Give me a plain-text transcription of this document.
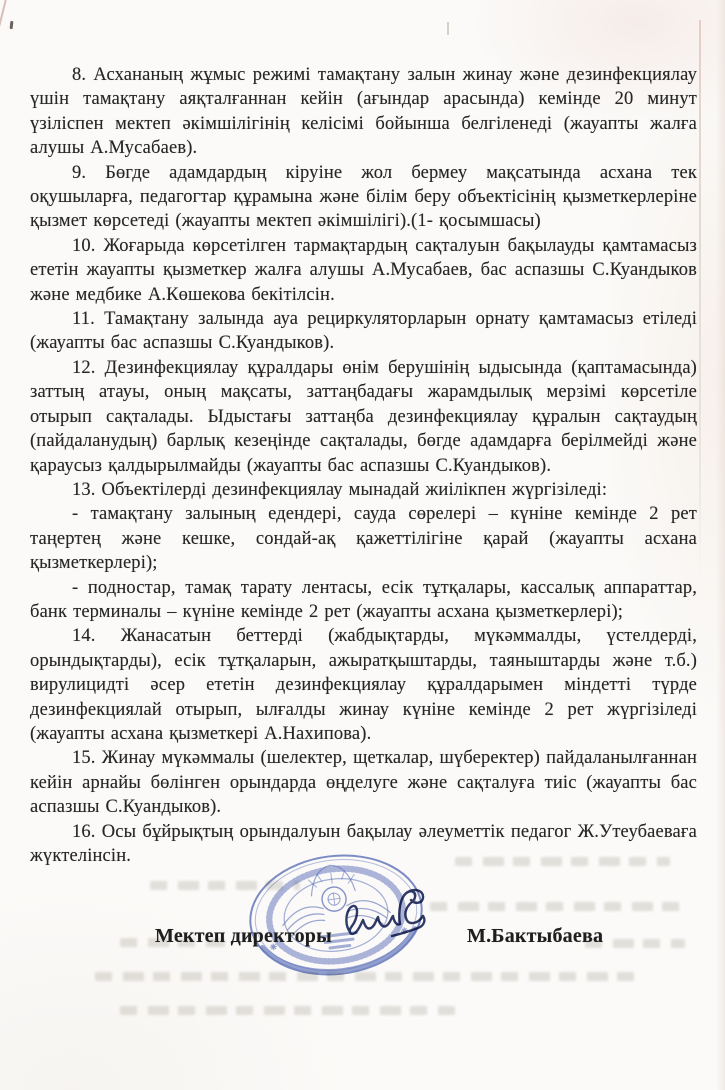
8. Асхананың жұмыс режимі тамақтану залын жинау және дезинфекциялау үшін тамақтану аяқталғаннан кейін (ағындар арасында) кемінде 20 минут үзіліспен мектеп әкімшілігінің келісімі бойынша белгіленеді (жауапты жалға алушы А.Мусабаев).

9. Бөгде адамдардың кіруіне жол бермеу мақсатында асхана тек оқушыларға, педагогтар құрамына және білім беру объектісінің қызметкерлеріне қызмет көрсетеді (жауапты мектеп әкімшілігі).(1- қосымшасы)

10. Жоғарыда көрсетілген тармақтардың сақталуын бақылауды қамтамасыз ететін жауапты қызметкер жалға алушы А.Мусабаев, бас аспазшы С.Куандыков және медбике А.Көшекова бекітілсін.

11. Тамақтану залында ауа рециркуляторларын орнату қамтамасыз етіледі (жауапты бас аспазшы С.Куандыков).

12. Дезинфекциялау құралдары өнім берушінің ыдысында (қаптамасында) заттың атауы, оның мақсаты, заттаңбадағы жарамдылық мерзімі көрсетіле отырып сақталады. Ыдыстағы заттаңба дезинфекциялау құралын сақтаудың (пайдаланудың) барлық кезеңінде сақталады, бөгде адамдарға берілмейді және қараусыз қалдырылмайды (жауапты бас аспазшы С.Куандыков).

13. Объектілерді дезинфекциялау мынадай жиілікпен жүргізіледі:

- тамақтану залының едендері, сауда сөрелері – күніне кемінде 2 рет таңертең және кешке, сондай-ақ қажеттілігіне қарай (жауапты асхана қызметкерлері);

- подностар, тамақ тарату лентасы, есік тұтқалары, кассалық аппараттар, банк терминалы – күніне кемінде 2 рет (жауапты асхана қызметкерлері);

14. Жанасатын беттерді (жабдықтарды, мүкәммалды, үстелдерді, орындықтарды), есік тұтқаларын, ажыратқыштарды, таяныштарды және т.б.) вирулицидті әсер ететін дезинфекциялау құралдарымен міндетті түрде дезинфекциялай отырып, ылғалды жинау күніне кемінде 2 рет жүргізіледі (жауапты асхана қызметкері А.Нахипова).

15. Жинау мүкәммалы (шелектер, щеткалар, шүберектер) пайдаланылғаннан кейін арнайы бөлінген орындарда өңделуге және сақталуға тиіс (жауапты бас аспазшы С.Куандыков).

16. Осы бұйрықтың орындалуын бақылау әлеуметтік педагог Ж.Утеубаеваға жүктелінсін.

Мектеп директоры	М.Бактыбаева
